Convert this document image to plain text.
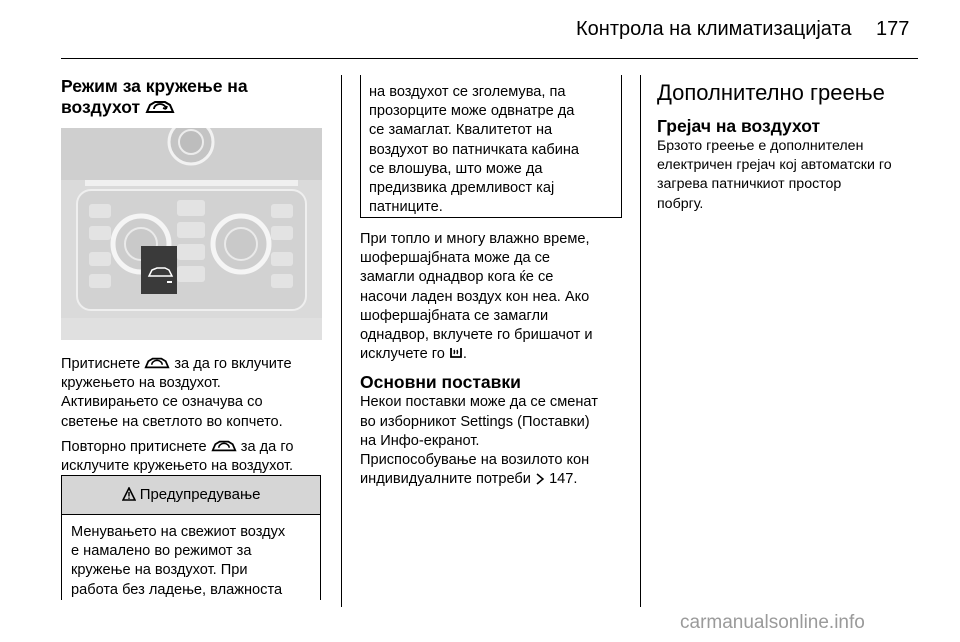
Контрола на климатизацијата 177
Режим за кружење на
воздухот

Притиснете за да го вклучите
кружењето на воздухот.
Активирањето се означува со
светење на светлото во копчето.

Повторно притиснете за да го
исклучите кружењето на воздухот.

Предупредување

Менувањето на свежиот воздух
е намалено во режимот за
кружење на воздухот. При
работа без ладење, влажноста

на воздухот се зголемува, па
прозорците може одвнатре да
се замаглат. Квалитетот на
воздухот во патничката кабина
се влошува, што може да
предизвика дремливост кај
патниците.

При топло и многу влажно време,
шофершајбната може да се
замагли однадвор кога ќе се
насочи ладен воздух кон неа. Ако
шофершајбната се замагли
однадвор, вклучете го бришачот и
исклучете го .

Основни поставки

Некои поставки може да се сменат
во изборникот Settings (Поставки)
на Инфо-екранот.
Приспособување на возилото кон
индивидуалните потреби 147.

Дополнително греење
Грејач на воздухот

Брзото греење е дополнителен
електричен грејач кој автоматски го
загрева патничкиот простор
побргу.

carmanualsonline.info
